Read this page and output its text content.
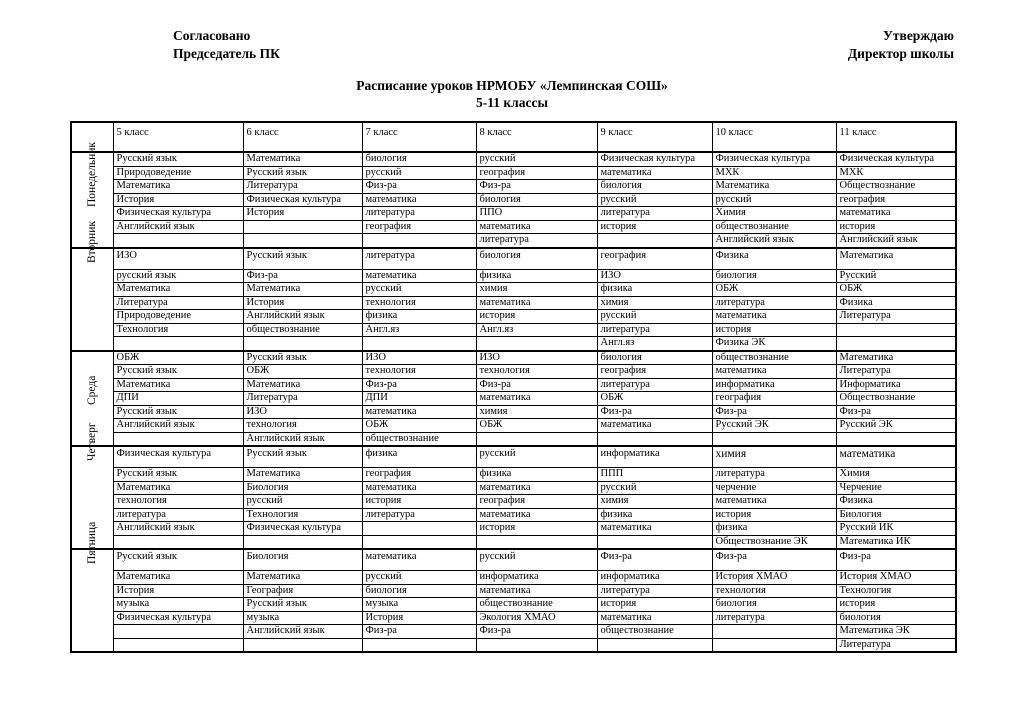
Согласовано
Председатель ПК
Утверждаю
Директор школы
Расписание уроков НРМОБУ «Лемпинская СОШ»
5-11 классы
	5 класс	6 класс	7 класс	8 класс	9 класс	10 класс	11 класс

Понедельник	Русский язык	Математика	биология	русский	Физическая культура	Физическая культура	Физическая культура
	Природоведение	Русский язык	русский	география	математика	МХК	МХК
	Математика	Литература	Физ-ра	Физ-ра	биология	Математика	Обществознание
	История	Физическая культура	математика	биология	русский	русский	география
	Физическая культура	История	литература	ППО	литература	Химия	математика
	Английский язык		география	математика	история	обществознание	история
				литература		Английский язык	Английский язык

Вторник	ИЗО	Русский язык	литература	биология	география	Физика	Математика
	русский язык	Физ-ра	математика	физика	ИЗО	биология	Русский
	Математика	Математика	русский	химия	физика	ОБЖ	ОБЖ
	Литература	История	технология	математика	химия	литература	Физика
	Природоведение	Английский язык	физика	история	русский	математика	Литература
	Технология	обществознание	Англ.яз	Англ.яз	литература	история	
					Англ.яз	Физика ЭК	

Среда	ОБЖ	Русский язык	ИЗО	ИЗО	биология	обществознание	Математика
	Русский язык	ОБЖ	технология	технология	география	математика	Литература
	Математика	Математика	Физ-ра	Физ-ра	литература	информатика	Информатика
	ДПИ	Литература	ДПИ	математика	ОБЖ	география	Обществознание
	Русский язык	ИЗО	математика	химия	Физ-ра	Физ-ра	Физ-ра
	Английский язык	технология	ОБЖ	ОБЖ	математика	Русский ЭК	Русский ЭК
		Английский язык	обществознание				

Четверг	Физическая культура	Русский язык	физика	русский	информатика	химия	математика
	Русский язык	Математика	география	физика	ППП	литература	Химия
	Математика	Биология	математика	математика	русский	черчение	Черчение
	технология	русский	история	география	химия	математика	Физика
	литература	Технология	литература	математика	физика	история	Биология
	Английский язык	Физическая культура		история	математика	физика	Русский ИК
						Обществознание ЭК	Математика ИК

Пятница	Русский язык	Биология	математика	русский	Физ-ра	Физ-ра	Физ-ра
	Математика	Математика	русский	информатика	информатика	История ХМАО	История ХМАО
	История	География	биология	математика	литература	технология	Технология
	музыка	Русский язык	музыка	обществознание	история	биология	история
	Физическая культура	музыка	История	Экология ХМАО	математика	литература	биология
		Английский язык	Физ-ра	Физ-ра	обществознание		Математика ЭК
							Литература
